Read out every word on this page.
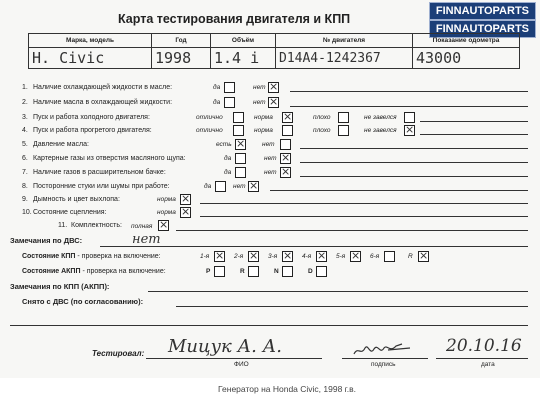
FINNAUTOPARTS
FINNAUTOPARTS
Карта тестирования двигателя и КПП
Марка, модель	Год	Объём	№ двигателя	Показание одометра
H. Civic	1998	1.4 i	D14A4-1242367	43000
1. Наличие охлаждающей жидкости в масле:	да	нет ⨯
2. Наличие масла в охлаждающей жидкости:	да	нет ⨯
3. Пуск и работа холодного двигателя:	отлично	норма ⨯	плохо	не завелся
4. Пуск и работа прогретого двигателя:	отлично	норма	плохо	не завелся ⨯
5. Давление масла:	есть ⨯	нет
6. Картерные газы из отверстия масляного щупа:	да	нет ⨯
7. Наличие газов в расширительном бачке:	да	нет ⨯
8. Посторонние стуки или шумы при работе:	да	нет ⨯
9. Дымность и цвет выхлопа:	норма ⨯
10. Состояние сцепления:	норма ⨯
11. Комплектность: полная ⨯
Замечания по ДВС:	нет
Состояние КПП - проверка на включение:	1-я ⨯ 2-я ⨯ 3-я ⨯ 4-я ⨯ 5-я ⨯ 6-я	R ⨯
Состояние АКПП - проверка на включение:	P	R	N	D
Замечания по КПП (АКПП):
Снято с ДВС (по согласованию):
Тестировал: Мицук А. А.
ФИО	подпись
20.10.16
дата
Генератор на Honda Civic, 1998 г.в.
